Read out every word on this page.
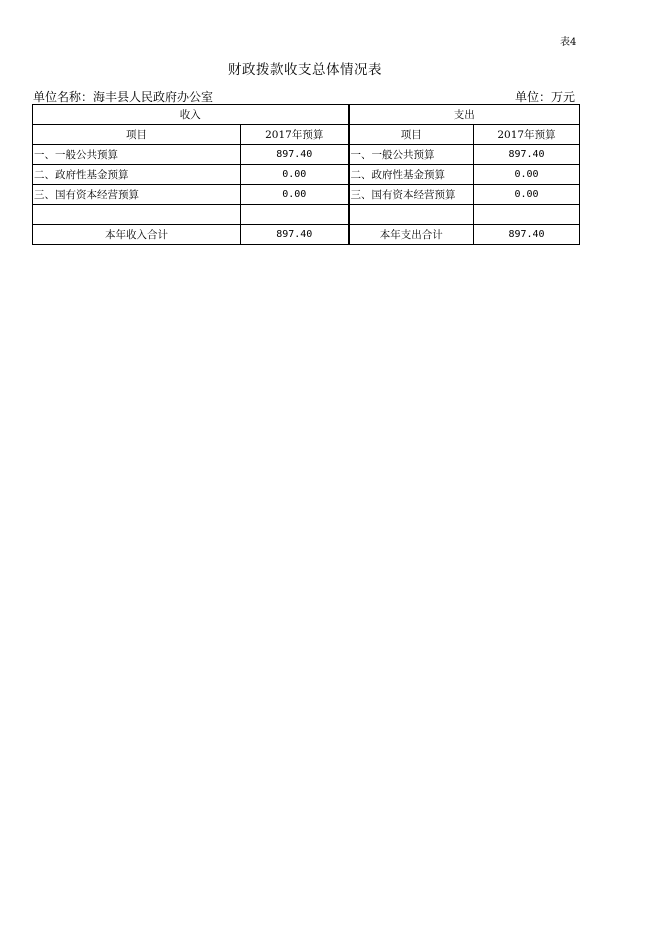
表4
财政拨款收支总体情况表
单位名称：海丰县人民政府办公室	单位：万元
收入		支出	
项目	2017年预算	项目	2017年预算
一、一般公共预算	897.40	一、一般公共预算	897.40
二、政府性基金预算	0.00	二、政府性基金预算	0.00
三、国有资本经营预算	0.00	三、国有资本经营预算	0.00

本年收入合计	897.40	本年支出合计	897.40
